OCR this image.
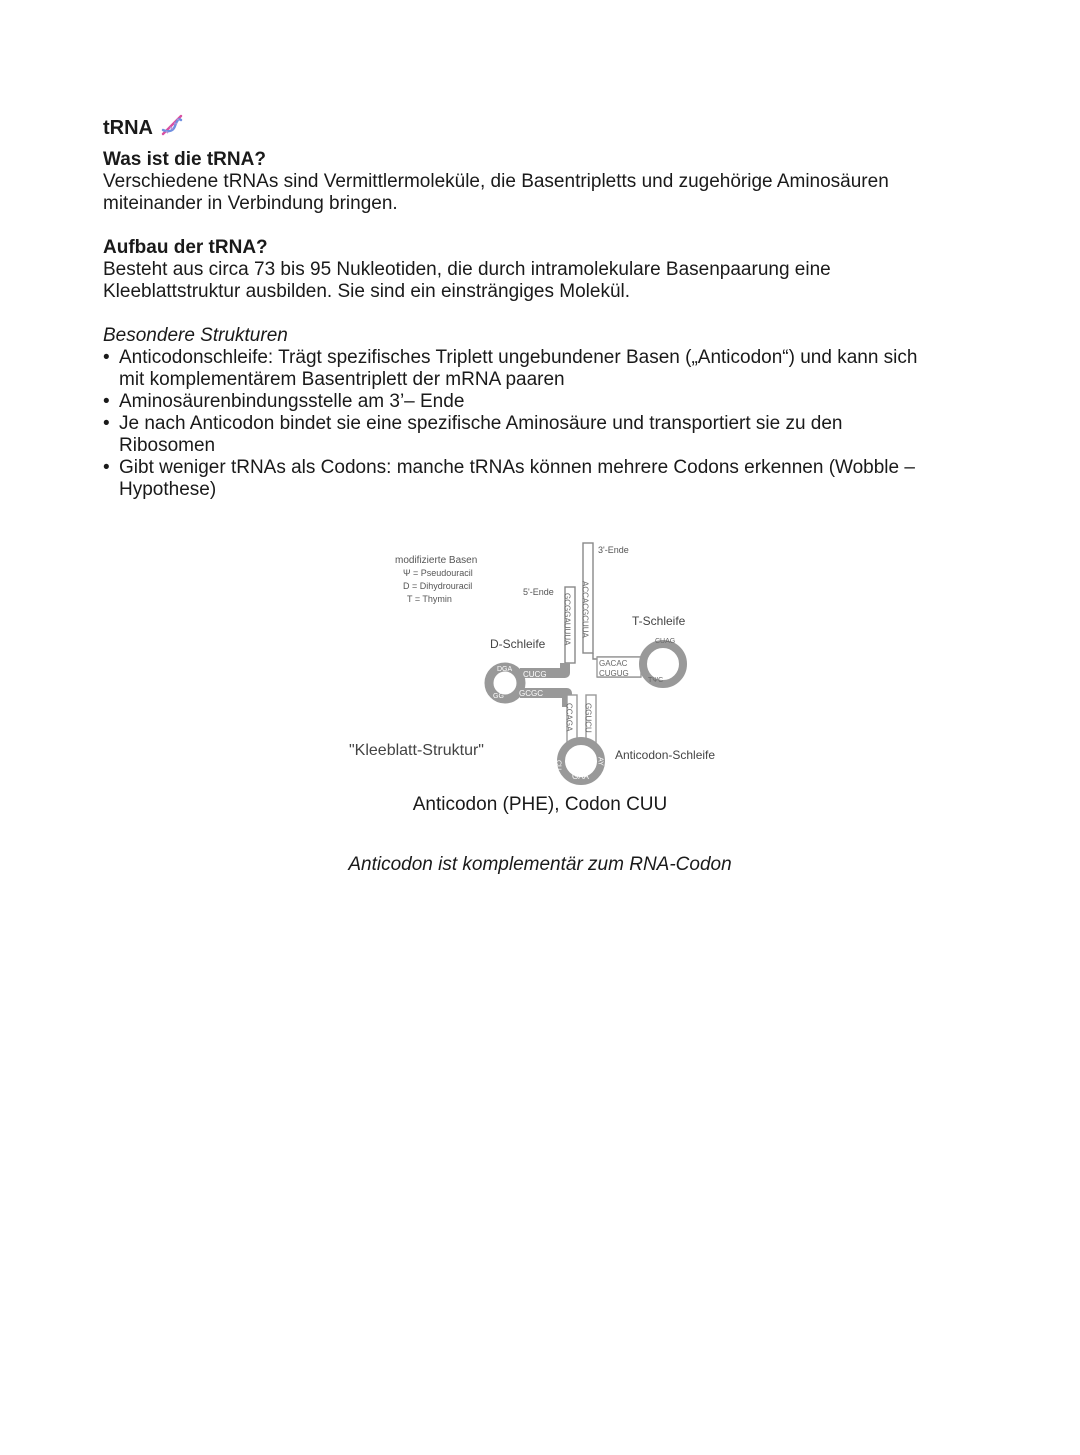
tRNA
Was ist die tRNA?

Verschiedene tRNAs sind Vermittlermoleküle, die Basentripletts und zugehörige Aminosäuren

miteinander in Verbindung bringen.

Aufbau der tRNA?

Besteht aus circa 73 bis 95 Nukleotiden, die durch intramolekulare Basenpaarung eine

Kleeblattstruktur ausbilden. Sie sind ein einsträngiges Molekül.

Besondere Strukturen
• Anticodonschleife: Trägt spezifisches Triplett ungebundener Basen („Anticodon“) und kann sich
mit komplementärem Basentriplett der mRNA paaren
• Aminosäurenbindungsstelle am 3’– Ende
• Je nach Anticodon bindet sie eine spezifische Aminosäure und transportiert sie zu den
Ribosomen
• Gibt weniger tRNAs als Codons: manche tRNAs können mehrere Codons erkennen (Wobble –
Hypothese)
modifizierte Basen
Ψ = Pseudouracil
D = Dihydrouracil
T = Thymin
3'-Ende
5'-Ende	ACCACGCUUA
GCGGAUUUA
CUCG
GCGC
DGA
GG
D-Schleife
GACAC
CUGUG
CUAG
TΨC
T-Schleife
CCAGA GGUCU
GAA
CU	AY Anticodon-Schleife
"Kleeblatt-Struktur"
Anticodon (PHE), Codon CUU
Anticodon ist komplementär zum RNA-Codon
